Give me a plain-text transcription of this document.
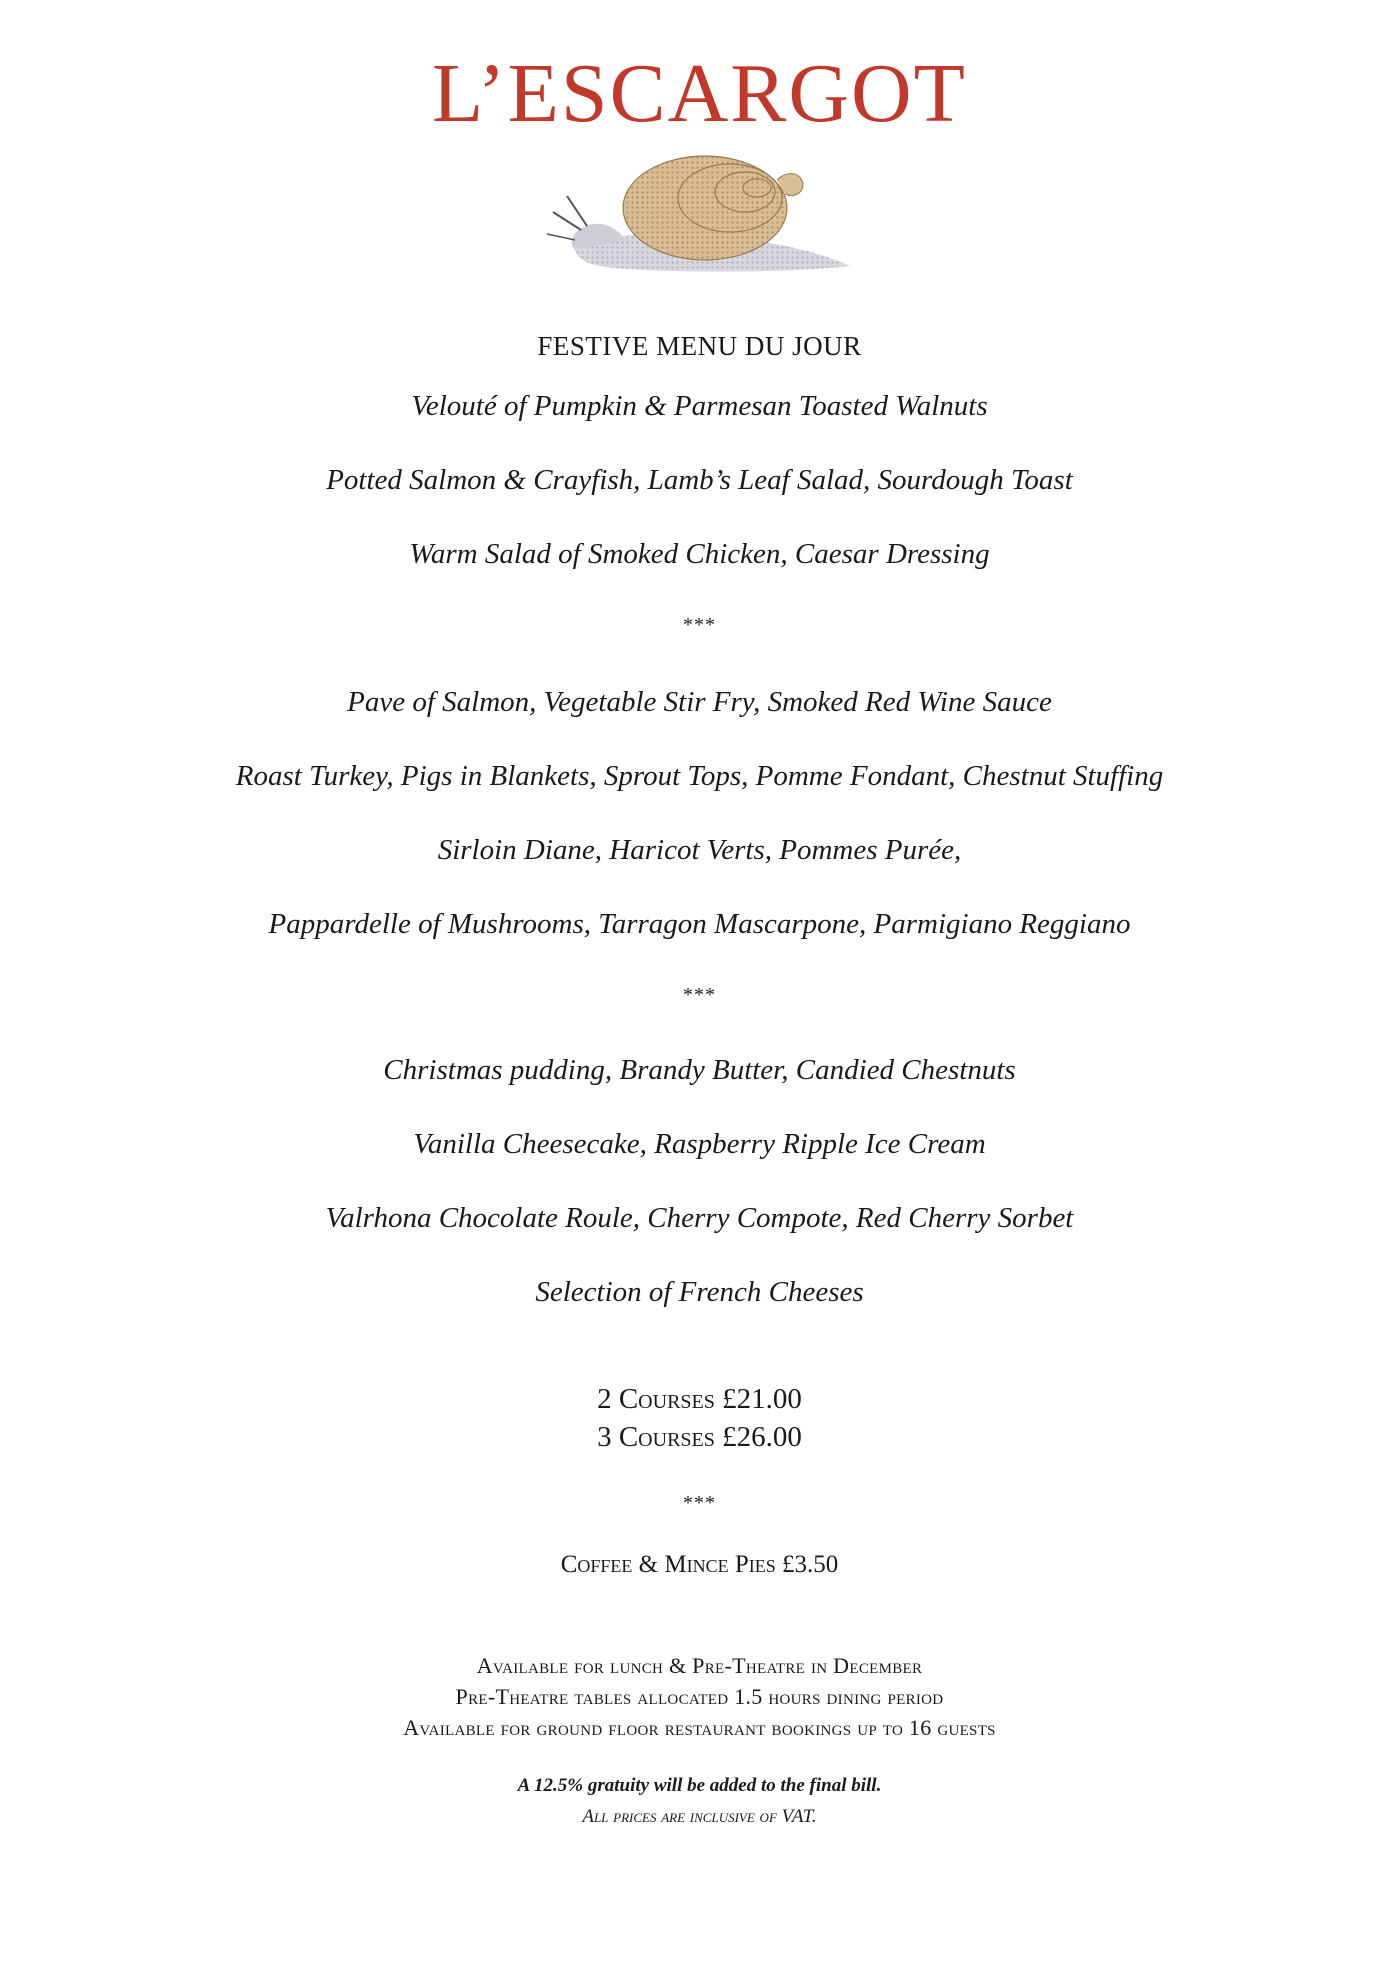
L’ESCARGOT
FESTIVE MENU DU JOUR
Velouté of Pumpkin & Parmesan Toasted Walnuts
Potted Salmon & Crayfish, Lamb’s Leaf Salad, Sourdough Toast
Warm Salad of Smoked Chicken, Caesar Dressing
***
Pave of Salmon, Vegetable Stir Fry, Smoked Red Wine Sauce
Roast Turkey, Pigs in Blankets, Sprout Tops, Pomme Fondant, Chestnut Stuffing
Sirloin Diane, Haricot Verts, Pommes Purée,
Pappardelle of Mushrooms, Tarragon Mascarpone, Parmigiano Reggiano
***
Christmas pudding, Brandy Butter, Candied Chestnuts
Vanilla Cheesecake, Raspberry Ripple Ice Cream
Valrhona Chocolate Roule, Cherry Compote, Red Cherry Sorbet
Selection of French Cheeses
2 Courses £21.00
3 Courses £26.00
***
Coffee & Mince Pies £3.50
Available for lunch & Pre-Theatre in December
Pre-Theatre tables allocated 1.5 hours dining period
Available for ground floor restaurant bookings up to 16 guests
A 12.5% gratuity will be added to the final bill.
All prices are inclusive of VAT.
